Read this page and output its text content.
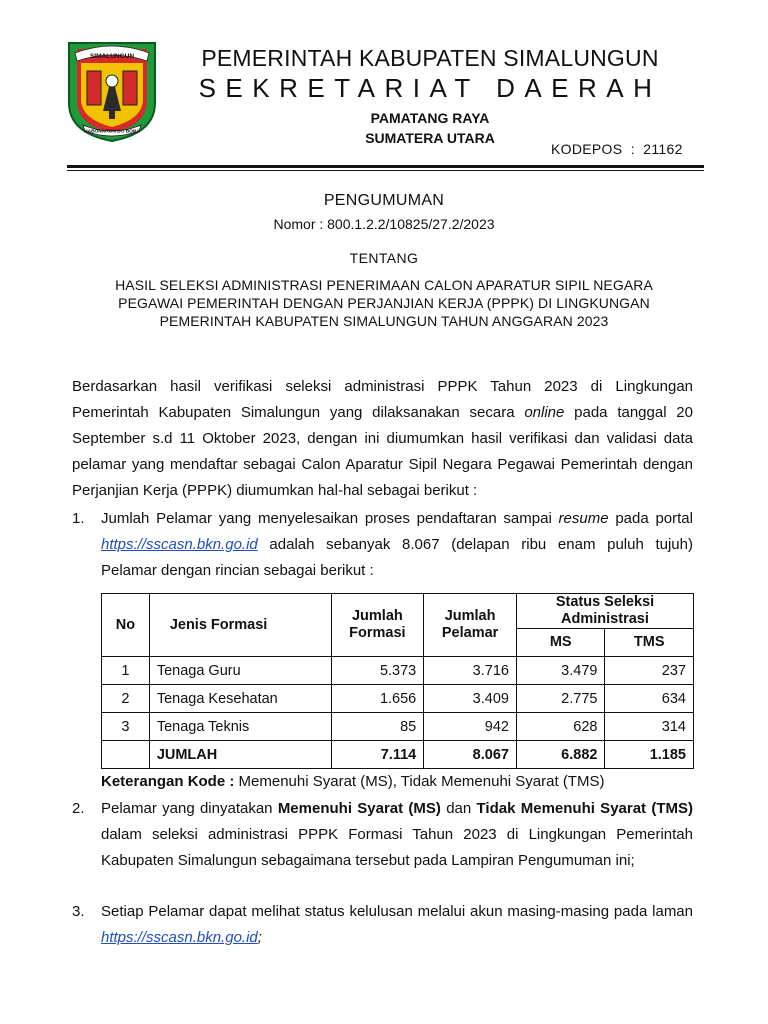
SIMALUNGUN
HABONARON DO BONA
PEMERINTAH KABUPATEN SIMALUNGUN
SEKRETARIAT DAERAH
PAMATANG RAYA
SUMATERA UTARA
KODEPOS  :  21162
PENGUMUMAN
Nomor : 800.1.2.2/10825/27.2/2023
TENTANG
HASIL SELEKSI ADMINISTRASI PENERIMAAN CALON APARATUR SIPIL NEGARA
PEGAWAI PEMERINTAH DENGAN PERJANJIAN KERJA (PPPK) DI LINGKUNGAN
PEMERINTAH KABUPATEN SIMALUNGUN TAHUN ANGGARAN 2023
Berdasarkan hasil verifikasi seleksi administrasi PPPK Tahun 2023 di Lingkungan Pemerintah Kabupaten Simalungun yang dilaksanakan secara online pada tanggal 20 September s.d 11 Oktober 2023, dengan ini diumumkan hasil verifikasi dan validasi data pelamar yang mendaftar sebagai Calon Aparatur Sipil Negara Pegawai Pemerintah dengan Perjanjian Kerja (PPPK) diumumkan hal-hal sebagai berikut :
1. Jumlah Pelamar yang menyelesaikan proses pendaftaran sampai resume pada portal https://sscasn.bkn.go.id adalah sebanyak 8.067 (delapan ribu enam puluh tujuh) Pelamar dengan rincian sebagai berikut :
No	Jenis Formasi	Jumlah Formasi	Jumlah Pelamar	Status Seleksi Administrasi	
				MS	TMS
1	Tenaga Guru	5.373	3.716	3.479	237
2	Tenaga Kesehatan	1.656	3.409	2.775	634
3	Tenaga Teknis	85	942	628	314
	JUMLAH	7.114	8.067	6.882	1.185
Keterangan Kode : Memenuhi Syarat (MS), Tidak Memenuhi Syarat (TMS)
2. Pelamar yang dinyatakan Memenuhi Syarat (MS) dan Tidak Memenuhi Syarat (TMS) dalam seleksi administrasi PPPK Formasi Tahun 2023 di Lingkungan Pemerintah Kabupaten Simalungun sebagaimana tersebut pada Lampiran Pengumuman ini;
3. Setiap Pelamar dapat melihat status kelulusan melalui akun masing-masing pada laman https://sscasn.bkn.go.id;
